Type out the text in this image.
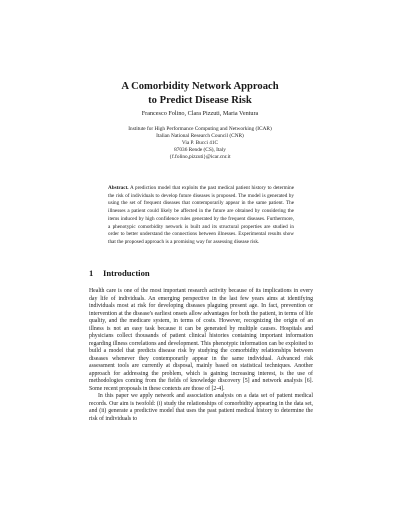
A Comorbidity Network Approach
to Predict Disease Risk
Francesco Folino, Clara Pizzuti, Maria Ventura
Institute for High Performance Computing and Networking (ICAR)
Italian National Research Council (CNR)
Via P. Bucci 41C
87036 Rende (CS), Italy
{f.folino,pizzuti}@icar.cnr.it

Abstract. A prediction model that exploits the past medical patient history to determine the risk of individuals to develop future diseases is proposed. The model is generated by using the set of frequent diseases that contemporarily appear in the same patient. The illnesses a patient could likely be affected in the future are obtained by considering the items induced by high confidence rules generated by the frequent diseases. Furthermore, a phenotypic comorbidity network is built and its structural properties are studied in order to better understand the connections between illnesses. Experimental results show that the proposed approach is a promising way for assessing disease risk.

1 Introduction

Health care is one of the most important research activity because of its implications in every day life of individuals. An emerging perspective in the last few years aims at identifying individuals most at risk for developing diseases plaguing present age. In fact, prevention or intervention at the disease's earliest onsets allow advantages for both the patient, in terms of life quality, and the medicare system, in terms of costs. However, recognizing the origin of an illness is not an easy task because it can be generated by multiple causes. Hospitals and physicians collect thousands of patient clinical histories containing important information regarding illness correlations and development. This phenotypic information can be exploited to build a model that predicts disease risk by studying the comorbidity relationships between diseases whenever they contemporarily appear in the same individual. Advanced risk assessment tools are currently at disposal, mainly based on statistical techniques. Another approach for addressing the problem, which is gaining increasing interest, is the use of methodologies coming from the fields of knowledge discovery [5] and network analysis [6]. Some recent proposals in these contexts are those of [2-4].

In this paper we apply network and association analysis on a data set of patient medical records. Our aim is twofold: (i) study the relationships of comorbidity appearing in the data set, and (ii) generate a predictive model that uses the past patient medical history to determine the risk of individuals to
